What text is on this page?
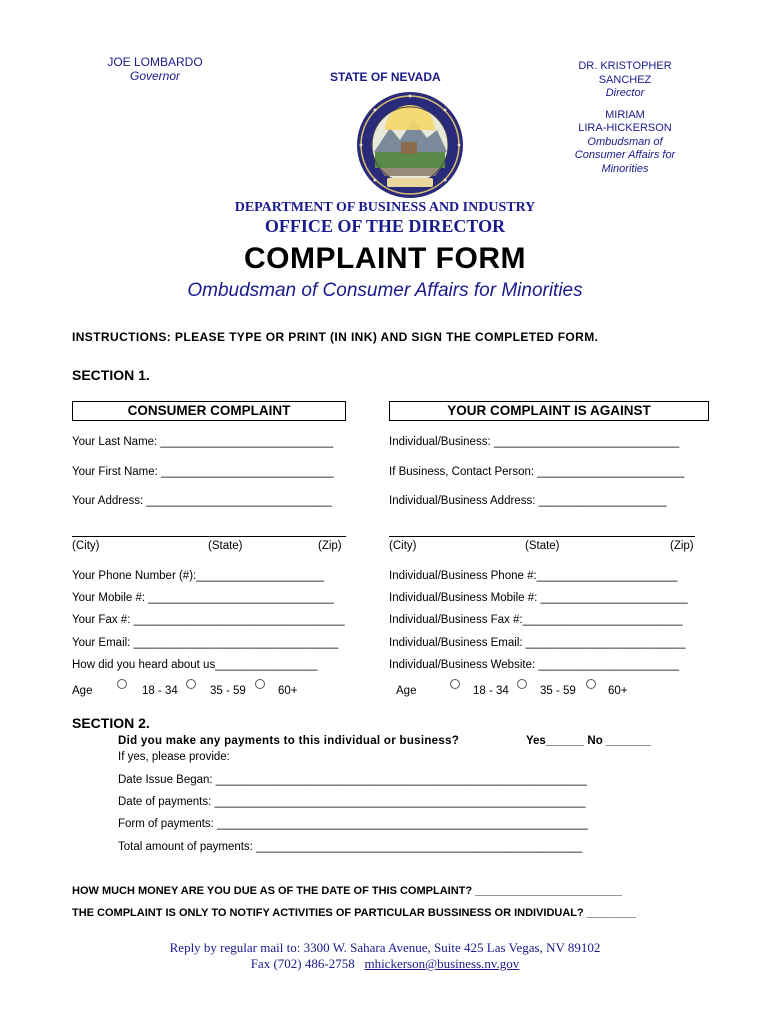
JOE LOMBARDO
Governor	STATE OF NEVADA
DR. KRISTOPHER
SANCHEZ
Director
MIRIAM
LIRA-HICKERSON
Ombudsman of
Consumer Affairs for
Minorities
DEPARTMENT OF BUSINESS AND INDUSTRY
OFFICE OF THE DIRECTOR
COMPLAINT FORM
Ombudsman of Consumer Affairs for Minorities
INSTRUCTIONS: PLEASE TYPE OR PRINT (IN INK) AND SIGN THE COMPLETED FORM.
SECTION 1.
CONSUMER COMPLAINT	YOUR COMPLAINT IS AGAINST
Your Last Name: ___________________________
Your First Name: ___________________________
Your Address: _____________________________
(City)	(State)	(Zip)
Your Phone Number (#):____________________
Your Mobile #: _____________________________
Your Fax #: _________________________________
Your Email: ________________________________
How did you heard about us________________
Age	18 - 34	35 - 59	60+
Individual/Business: _____________________________
If Business, Contact Person: _______________________
Individual/Business Address: ____________________
(City)	(State)	(Zip)
Individual/Business Phone #:______________________
Individual/Business Mobile #: _______________________
Individual/Business Fax #:_________________________
Individual/Business Email: _________________________
Individual/Business Website: ______________________
Age	18 - 34	35 - 59	60+
SECTION 2.
Did you make any payments to this individual or business?	Yes______ No _______
If yes, please provide:
Date Issue Began: __________________________________________________________
Date of payments: __________________________________________________________
Form of payments: __________________________________________________________
Total amount of payments: ___________________________________________________
HOW MUCH MONEY ARE YOU DUE AS OF THE DATE OF THIS COMPLAINT? ________________________
THE COMPLAINT IS ONLY TO NOTIFY ACTIVITIES OF PARTICULAR BUSSINESS OR INDIVIDUAL? ________
Reply by regular mail to: 3300 W. Sahara Avenue, Suite 425 Las Vegas, NV 89102
Fax (702) 486-2758 mhickerson@business.nv.gov
